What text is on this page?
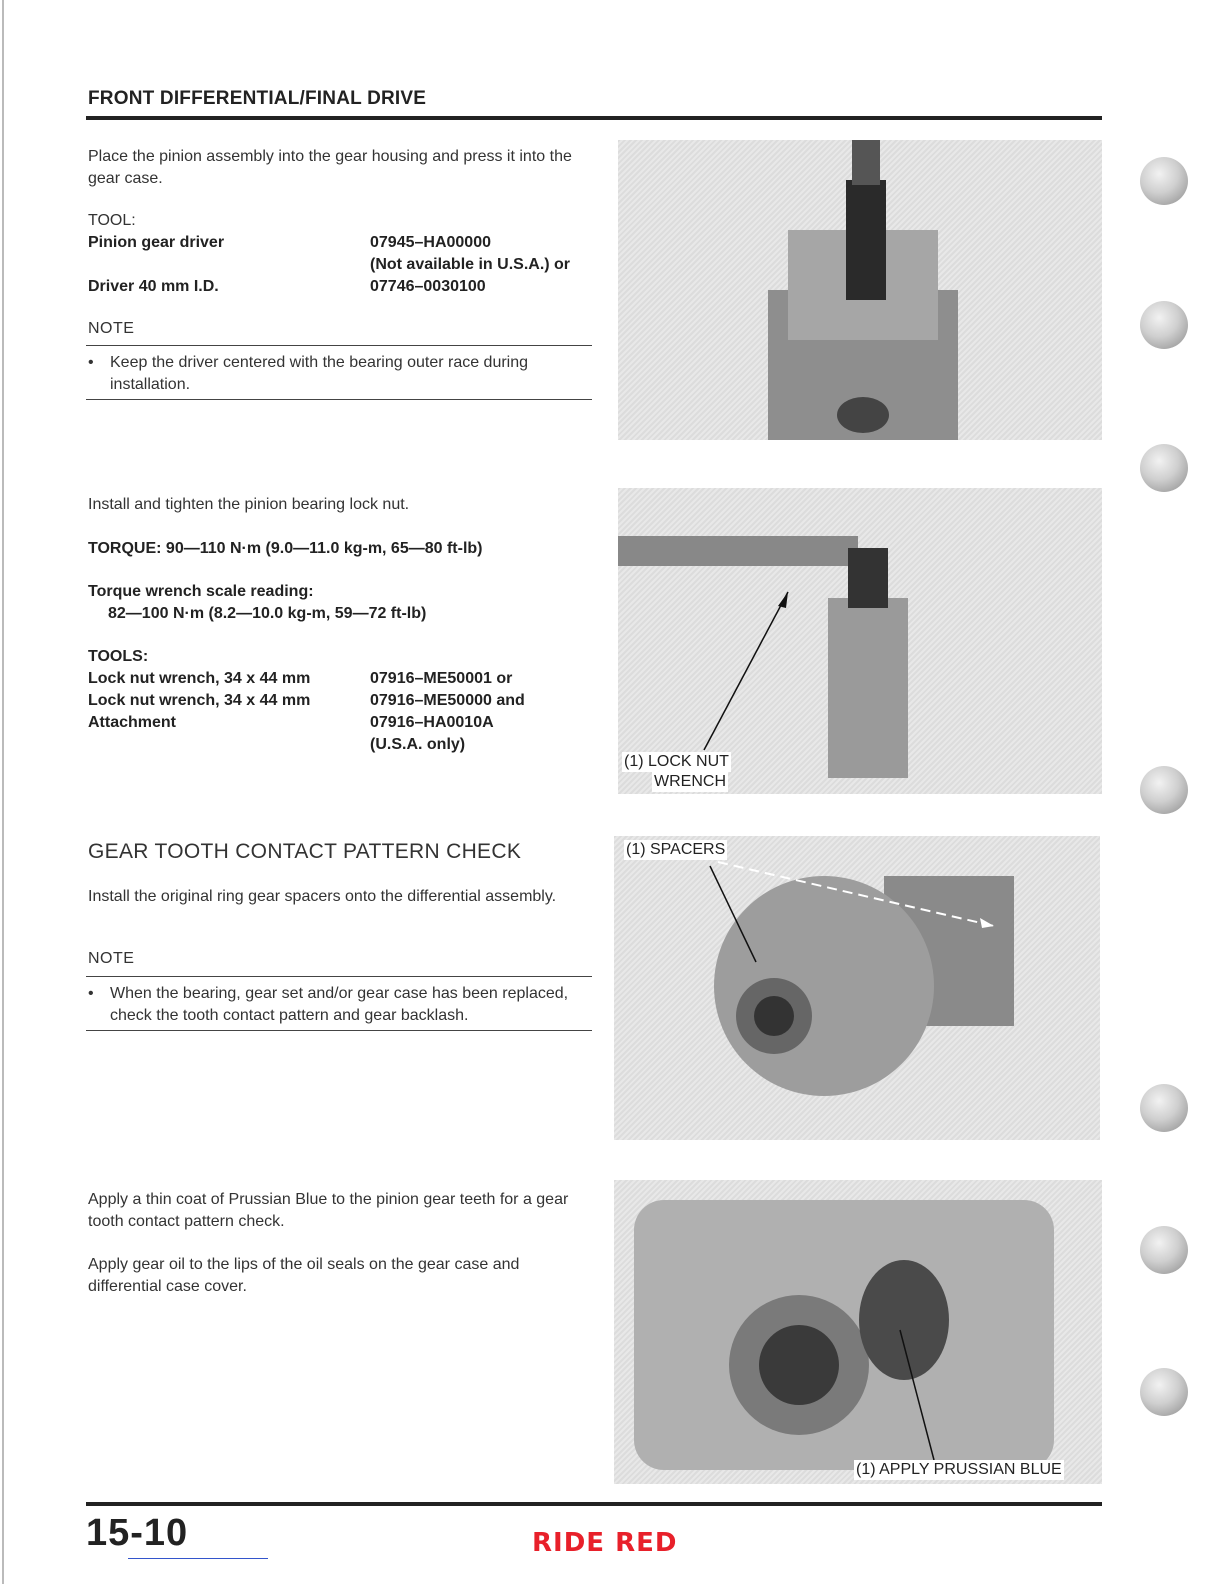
FRONT DIFFERENTIAL/FINAL DRIVE
Place the pinion assembly into the gear housing and press it into the gear case.
TOOL:
Pinion gear driver	07945–HA00000
(Not available in U.S.A.) or
Driver 40 mm I.D.	07746–0030100
NOTE
• Keep the driver centered with the bearing outer race during installation.
Install and tighten the pinion bearing lock nut.
TORQUE: 90—110 N·m (9.0—11.0 kg-m, 65—80 ft-lb)
Torque wrench scale reading:
82—100 N·m (8.2—10.0 kg-m, 59—72 ft-lb)
TOOLS:
Lock nut wrench, 34 x 44 mm	07916–ME50001 or
Lock nut wrench, 34 x 44 mm	07916–ME50000 and
Attachment	07916–HA0010A
(U.S.A. only)
GEAR TOOTH CONTACT PATTERN CHECK
Install the original ring gear spacers onto the differential assembly.
NOTE
• When the bearing, gear set and/or gear case has been replaced, check the tooth contact pattern and gear backlash.
Apply a thin coat of Prussian Blue to the pinion gear teeth for a gear tooth contact pattern check.
Apply gear oil to the lips of the oil seals on the gear case and differential case cover.
(1) LOCK NUT
WRENCH
(1) SPACERS
(1) APPLY PRUSSIAN BLUE
15-10	RIDE RED
